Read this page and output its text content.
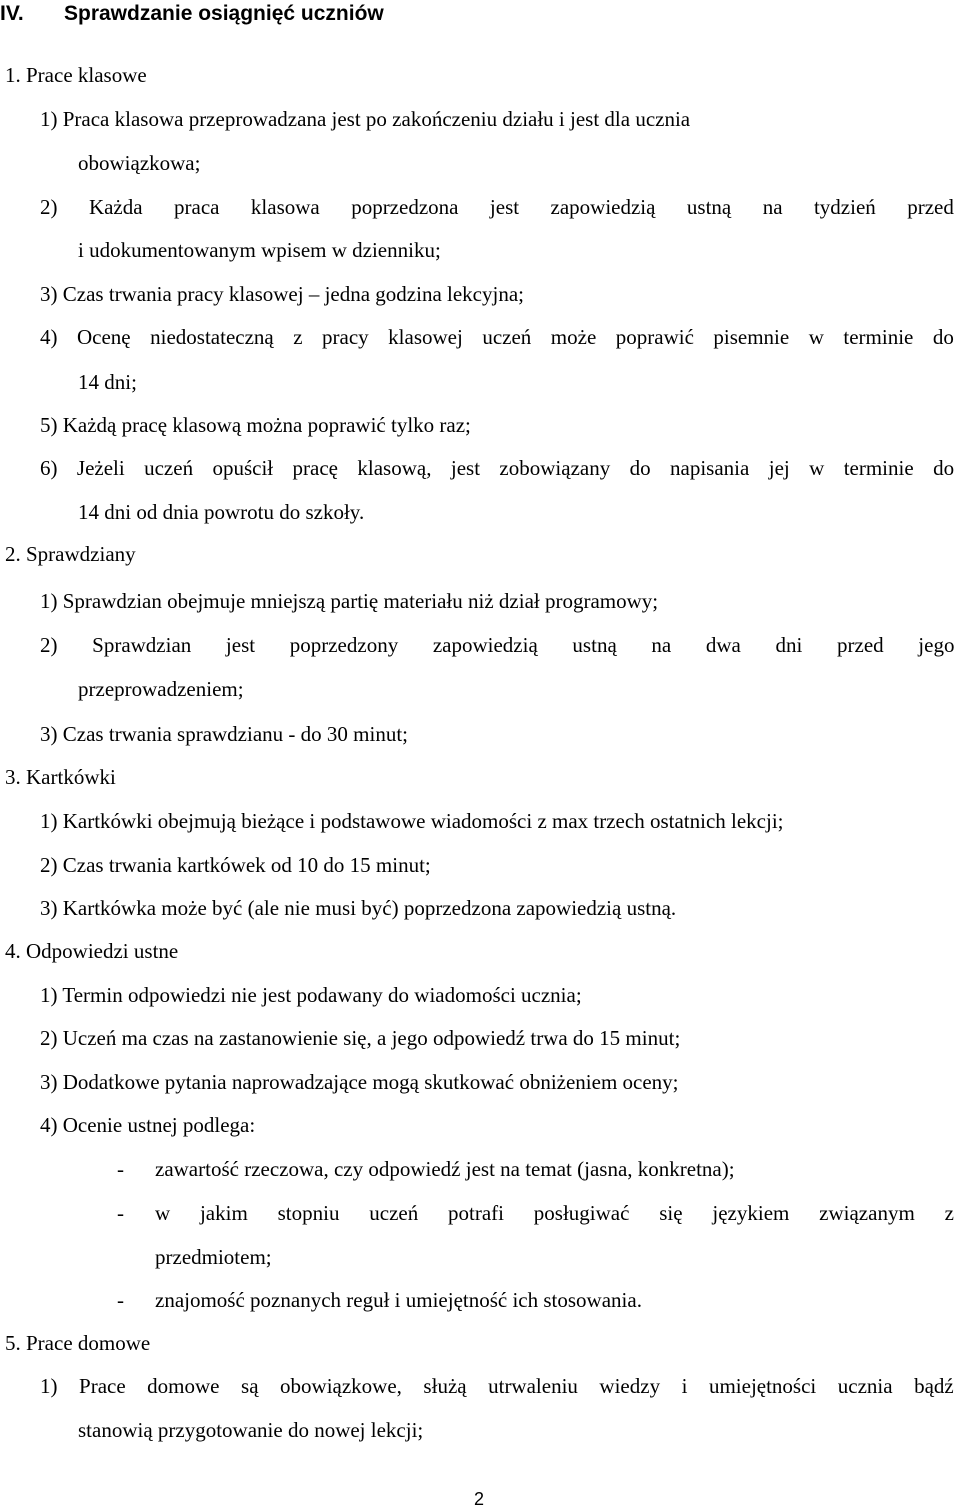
IV. Sprawdzanie osiągnięć uczniów
1. Prace klasowe
1) Praca klasowa przeprowadzana jest po zakończeniu działu i jest dla ucznia
obowiązkowa;
2) Każda praca klasowa poprzedzona jest zapowiedzią ustną na tydzień przed
i udokumentowanym wpisem w dzienniku;
3) Czas trwania pracy klasowej – jedna godzina lekcyjna;
4) Ocenę niedostateczną z pracy klasowej uczeń może poprawić pisemnie w terminie do
14 dni;
5) Każdą pracę klasową można poprawić tylko raz;
6) Jeżeli uczeń opuścił pracę klasową, jest zobowiązany do napisania jej w terminie do
14 dni od dnia powrotu do szkoły.
2. Sprawdziany
1) Sprawdzian obejmuje mniejszą partię materiału niż dział programowy;
2) Sprawdzian jest poprzedzony zapowiedzią ustną na dwa dni przed jego
przeprowadzeniem;
3) Czas trwania sprawdzianu - do 30 minut;
3. Kartkówki
1) Kartkówki obejmują bieżące i podstawowe wiadomości z max trzech ostatnich lekcji;
2) Czas trwania kartkówek od 10 do 15 minut;
3) Kartkówka może być (ale nie musi być) poprzedzona zapowiedzią ustną.
4. Odpowiedzi ustne
1) Termin odpowiedzi nie jest podawany do wiadomości ucznia;
2) Uczeń ma czas na zastanowienie się, a jego odpowiedź trwa do 15 minut;
3) Dodatkowe pytania naprowadzające mogą skutkować obniżeniem oceny;
4) Ocenie ustnej podlega:
- zawartość rzeczowa, czy odpowiedź jest na temat (jasna, konkretna);
- w jakim stopniu uczeń potrafi posługiwać się językiem związanym z
przedmiotem;
- znajomość poznanych reguł i umiejętność ich stosowania.
5. Prace domowe
1) Prace domowe są obowiązkowe, służą utrwaleniu wiedzy i umiejętności ucznia bądź
stanowią przygotowanie do nowej lekcji;
2
